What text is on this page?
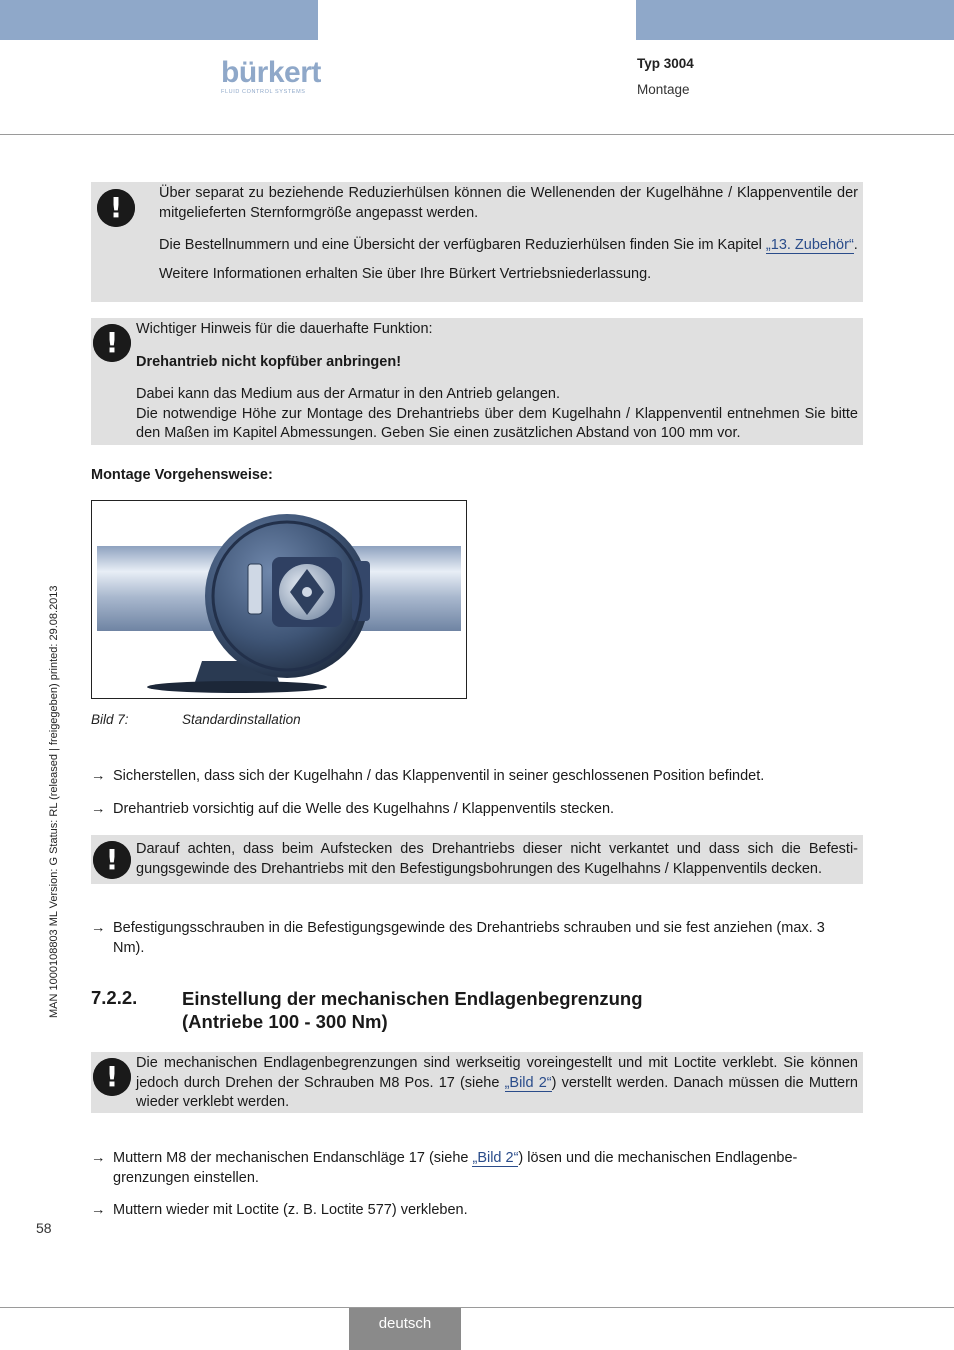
bürkert
FLUID CONTROL SYSTEMS
Typ 3004
Montage
!	Über separat zu beziehende Reduzierhülsen können die Wellenenden der Kugelhähne / Klappenventile der mitgelieferten Sternformgröße angepasst werden.

Die Bestellnummern und eine Übersicht der verfügbaren Reduzierhülsen finden Sie im Kapitel „13. Zubehör“.

Weitere Informationen erhalten Sie über Ihre Bürkert Vertriebsniederlassung.

!	Wichtiger Hinweis für die dauerhafte Funktion:

Drehantrieb nicht kopfüber anbringen!

Dabei kann das Medium aus der Armatur in den Antrieb gelangen.

Die notwendige Höhe zur Montage des Drehantriebs über dem Kugelhahn / Klappenventil entnehmen Sie bitte den Maßen im Kapitel Abmessungen. Geben Sie einen zusätzlichen Abstand von 100 mm vor.

Montage Vorgehensweise:
Bild 7:	Standardinstallation
→ Sicherstellen, dass sich der Kugelhahn / das Klappenventil in seiner geschlossenen Position befindet.
→ Drehantrieb vorsichtig auf die Welle des Kugelhahns / Klappenventils stecken.
!	Darauf achten, dass beim Aufstecken des Drehantriebs dieser nicht verkantet und dass sich die Befesti-gungsgewinde des Drehantriebs mit den Befestigungsbohrungen des Kugelhahns / Klappenventils decken.

→ Befestigungsschrauben in die Befestigungsgewinde des Drehantriebs schrauben und sie fest anziehen (max. 3 Nm).
7.2.2. Einstellung der mechanischen Endlagenbegrenzung
(Antriebe 100 - 300 Nm)
!	Die mechanischen Endlagenbegrenzungen sind werkseitig voreingestellt und mit Loctite verklebt. Sie können jedoch durch Drehen der Schrauben M8 Pos. 17 (siehe „Bild 2“) verstellt werden. Danach müssen die Muttern wieder verklebt werden.

→ Muttern M8 der mechanischen Endanschläge 17 (siehe „Bild 2“) lösen und die mechanischen Endlagenbe-grenzungen einstellen.
→ Muttern wieder mit Loctite (z. B. Loctite 577) verkleben.
MAN 1000108803 ML Version: G Status: RL (released | freigegeben) printed: 29.08.2013
58
deutsch
